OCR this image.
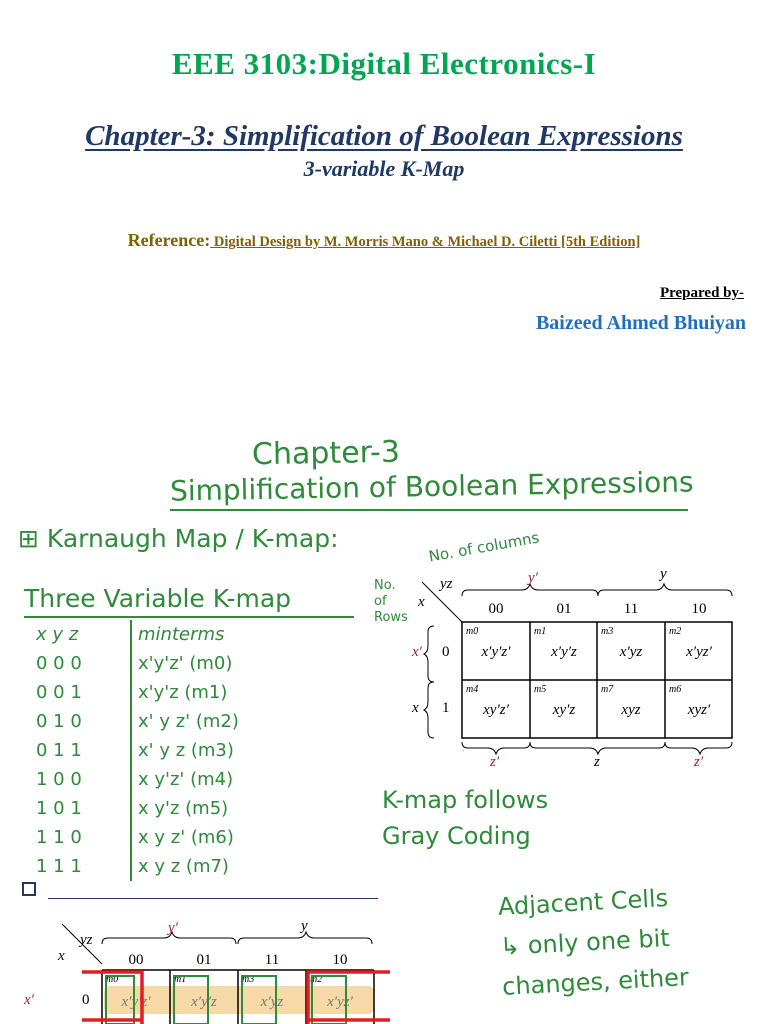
EEE 3103:Digital Electronics-I
Chapter-3: Simplification of Boolean Expressions
3-variable K-Map
Reference: Digital Design by M. Morris Mano & Michael D. Ciletti [5th Edition]
Prepared by-
Baizeed Ahmed Bhuiyan
Chapter-3
Simplification of Boolean Expressions
⊞ Karnaugh Map / K-map:
Three Variable K-map
No. of columns
No.
of
Rows
K-map follows
Gray Coding
Adjacent Cells
↳ only one bit
changes, either
x y z	minterms
0 0 0	x'y'z' (m0)
0 0 1	x'y'z (m1)
0 1 0	x' y z' (m2)
0 1 1	x' y z (m3)
1 0 0	x y'z' (m4)
1 0 1	x y'z (m5)
1 1 0	x y z' (m6)
1 1 1	x y z (m7)
yz
x
y′	y
00	01	11	10
x′ 0
x 1
m0	m1	m3	m2
x′y′z′	x′y′z	x′yz	x′yz′
m4	m5	m7	m6
xy′z′	xy′z	xyz	xyz′
z′	z	z′
yz
x
y′	y
00	01	11	10
x′	0
m0	m1	m3	m2
x′y′z′	x′y′z	x′yz	x′yz′
